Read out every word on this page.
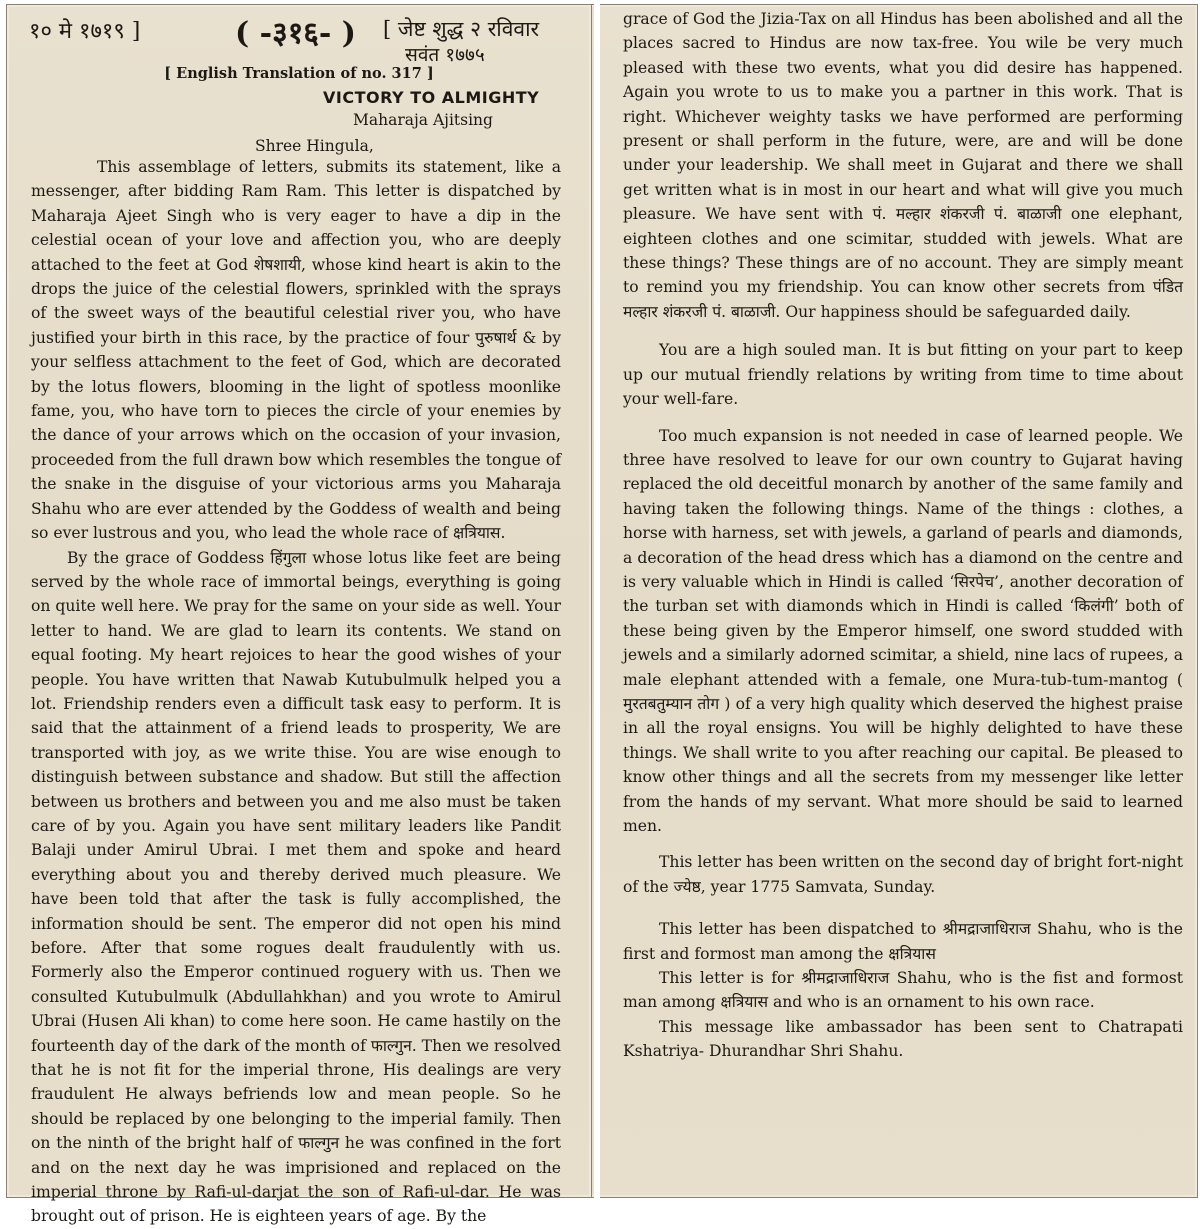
१० मे १७१९ ]	( -३१६- ) [ जेष्ट शुद्ध २ रविवार
सवंत १७७५
[ English Translation of no. 317 ]
VICTORY TO ALMIGHTY
Maharaja Ajitsing
Shree Hingula,

This assemblage of letters, submits its statement, like a messenger, after bidding Ram Ram. This letter is dispatched by Maharaja Ajeet Singh who is very eager to have a dip in the celestial ocean of your love and affection you, who are deeply attached to the feet at God शेषशायी, whose kind heart is akin to the drops the juice of the celestial flowers, sprinkled with the sprays of the sweet ways of the beautiful celestial river you, who have justified your birth in this race, by the practice of four पुरुषार्थ & by your selfless attachment to the feet of God, which are decorated by the lotus flowers, blooming in the light of spotless moonlike fame, you, who have torn to pieces the circle of your enemies by the dance of your arrows which on the occasion of your invasion, proceeded from the full drawn bow which resembles the tongue of the snake in the disguise of your victorious arms you Maharaja Shahu who are ever attended by the Goddess of wealth and being so ever lustrous and you, who lead the whole race of क्षत्रियास.

By the grace of Goddess हिंगुला whose lotus like feet are being served by the whole race of immortal beings, everything is going on quite well here. We pray for the same on your side as well. Your letter to hand. We are glad to learn its contents. We stand on equal footing. My heart rejoices to hear the good wishes of your people. You have written that Nawab Kutubulmulk helped you a lot. Friendship renders even a difficult task easy to perform. It is said that the attainment of a friend leads to prosperity, We are transported with joy, as we write thise. You are wise enough to distinguish between substance and shadow. But still the affection between us brothers and between you and me also must be taken care of by you. Again you have sent military leaders like Pandit Balaji under Amirul Ubrai. I met them and spoke and heard everything about you and thereby derived much pleasure. We have been told that after the task is fully accomplished, the information should be sent. The emperor did not open his mind before. After that some rogues dealt fraudulently with us. Formerly also the Emperor continued roguery with us. Then we consulted Kutubulmulk (Abdullahkhan) and you wrote to Amirul Ubrai (Husen Ali khan) to come here soon. He came hastily on the fourteenth day of the dark of the month of फाल्गुन. Then we resolved that he is not fit for the imperial throne, His dealings are very fraudulent He always befriends low and mean people. So he should be replaced by one belonging to the imperial family. Then on the ninth of the bright half of फाल्गुन he was confined in the fort and on the next day he was imprisioned and replaced on the imperial throne by Rafi-ul-darjat the son of Rafi-ul-dar. He was brought out of prison. He is eighteen years of age. By the

grace of God the Jizia-Tax on all Hindus has been abolished and all the places sacred to Hindus are now tax-free. You wile be very much pleased with these two events, what you did desire has happened. Again you wrote to us to make you a partner in this work. That is right. Whichever weighty tasks we have performed are performing present or shall perform in the future, were, are and will be done under your leadership. We shall meet in Gujarat and there we shall get written what is in most in our heart and what will give you much pleasure. We have sent with पं. मल्हार शंकरजी पं. बाळाजी one elephant, eighteen clothes and one scimitar, studded with jewels. What are these things? These things are of no account. They are simply meant to remind you my friendship. You can know other secrets from पंडित मल्हार शंकरजी पं. बाळाजी. Our happiness should be safeguarded daily.

You are a high souled man. It is but fitting on your part to keep up our mutual friendly relations by writing from time to time about your well-fare.

Too much expansion is not needed in case of learned people. We three have resolved to leave for our own country to Gujarat having replaced the old deceitful monarch by another of the same family and having taken the following things. Name of the things : clothes, a horse with harness, set with jewels, a garland of pearls and diamonds, a decoration of the head dress which has a diamond on the centre and is very valuable which in Hindi is called ‘सिरपेच’, another decoration of the turban set with diamonds which in Hindi is called ‘किलंगी’ both of these being given by the Emperor himself, one sword studded with jewels and a similarly adorned scimitar, a shield, nine lacs of rupees, a male elephant attended with a female, one Mura-tub-tum-mantog ( मुरतबतुम्यान तोग ) of a very high quality which deserved the highest praise in all the royal ensigns. You will be highly delighted to have these things. We shall write to you after reaching our capital. Be pleased to know other things and all the secrets from my messenger like letter from the hands of my servant. What more should be said to learned men.

This letter has been written on the second day of bright fort-night of the ज्येष्ठ, year 1775 Samvata, Sunday.

This letter has been dispatched to श्रीमद्राजाधिराज Shahu, who is the first and formost man among the क्षत्रियास

This letter is for श्रीमद्राजाधिराज Shahu, who is the fist and formost man among क्षत्रियास and who is an ornament to his own race.

This message like ambassador has been sent to Chatrapati Kshatriya- Dhurandhar Shri Shahu.
